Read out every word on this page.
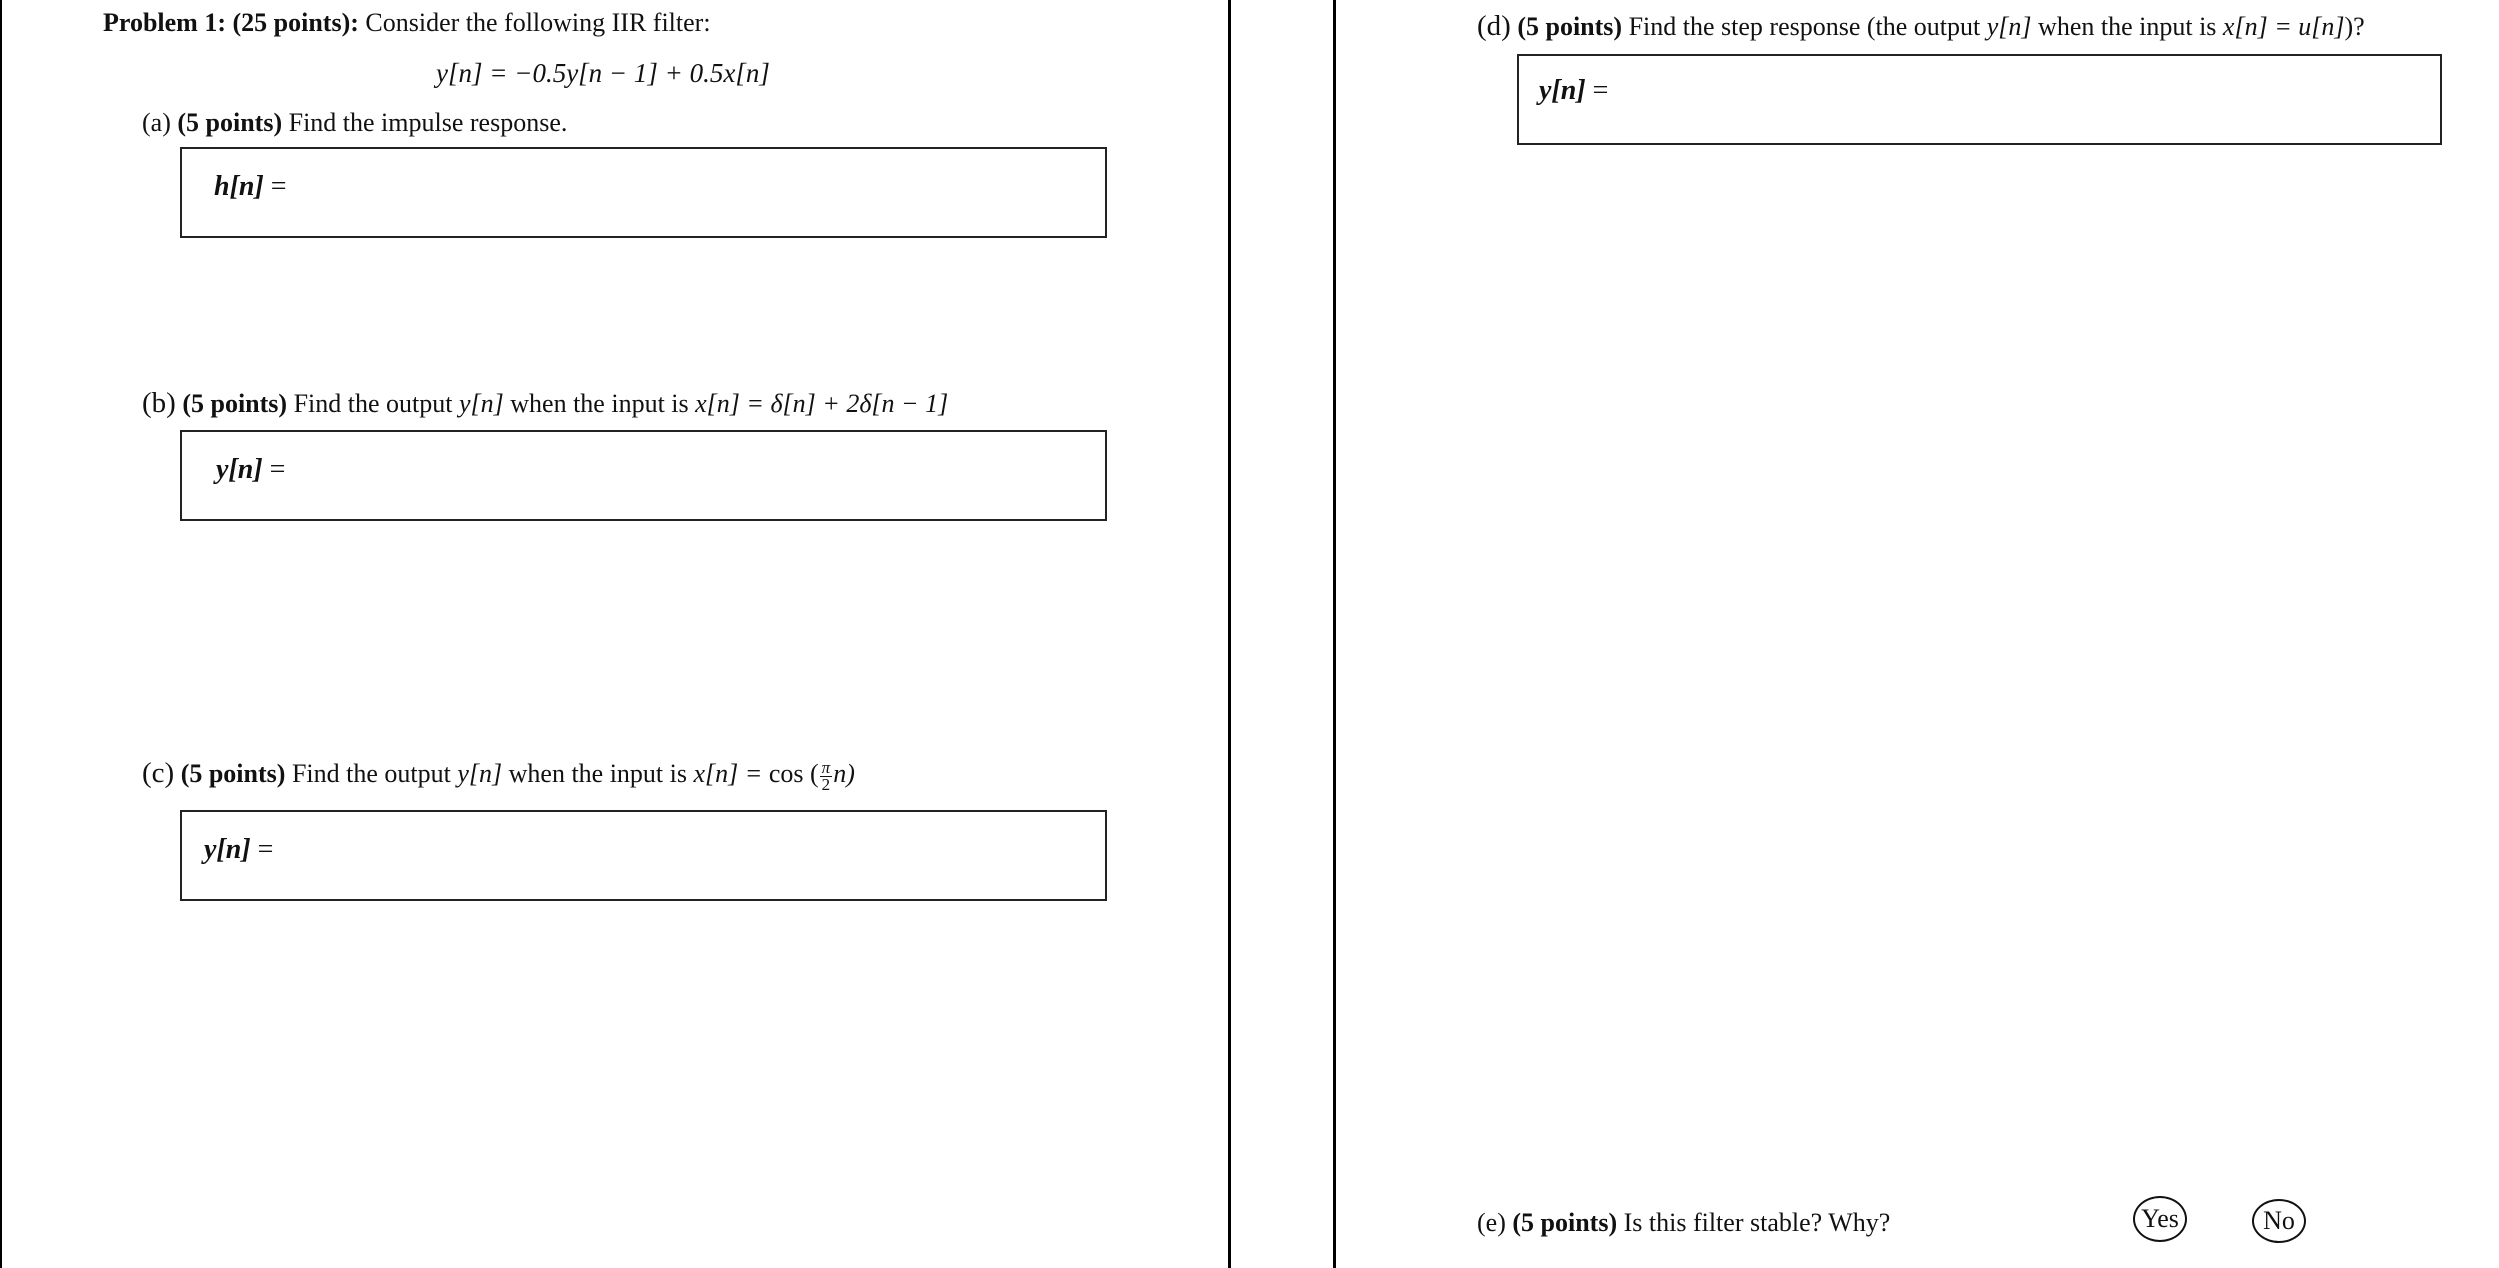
Problem 1: (25 points): Consider the following IIR filter:
y[n] = −0.5y[n − 1] + 0.5x[n]
(a) (5 points) Find the impulse response.
h[n] =
(b) (5 points) Find the output y[n] when the input is x[n] = δ[n] + 2δ[n − 1]
y[n] =
(c) (5 points) Find the output y[n] when the input is x[n] = cos ( $\frac{\pi}{2} n$)
y[n] =
(d) (5 points) Find the step response (the output y[n] when the input is x[n] = u[n])?
y[n] =
(e) (5 points) Is this filter stable? Why?	Yes	No
